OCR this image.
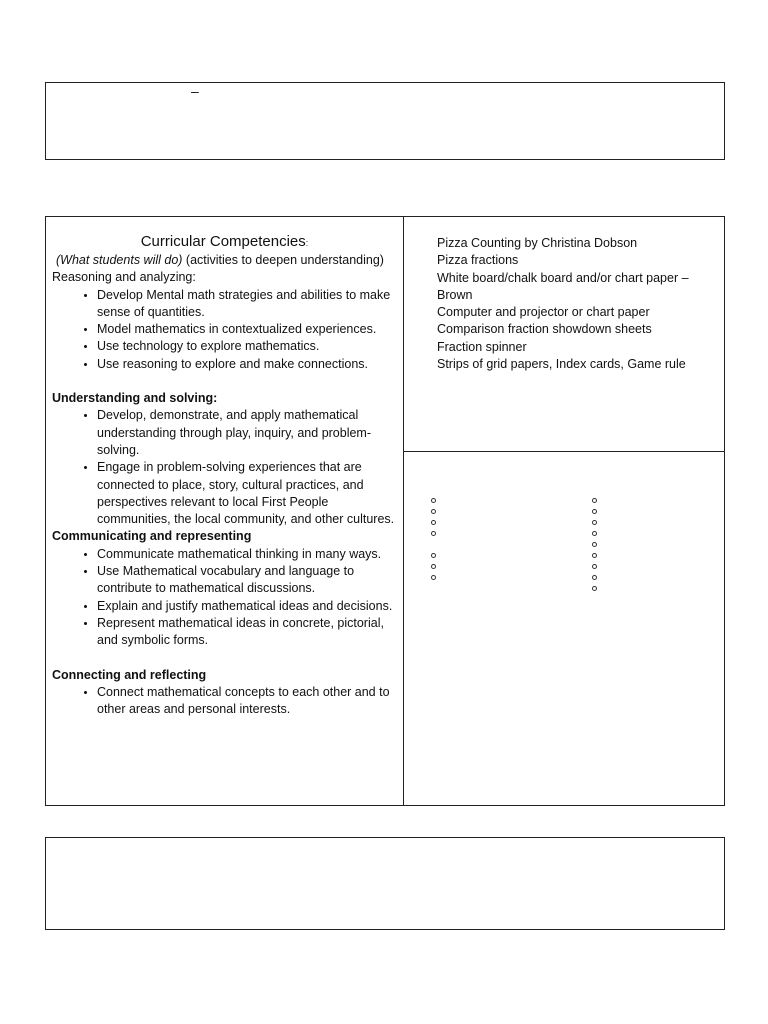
–
Curricular Competencies:
(What students will do) (activities to deepen understanding)
Reasoning and analyzing:
• Develop Mental math strategies and abilities to make sense of quantities.
• Model mathematics in contextualized experiences.
• Use technology to explore mathematics.
• Use reasoning to explore and make connections.
Understanding and solving:
• Develop, demonstrate, and apply mathematical understanding through play, inquiry, and problem-solving.
• Engage in problem-solving experiences that are connected to place, story, cultural practices, and perspectives relevant to local First People communities, the local community, and other cultures.
Communicating and representing
• Communicate mathematical thinking in many ways.
• Use Mathematical vocabulary and language to contribute to mathematical discussions.
• Explain and justify mathematical ideas and decisions.
• Represent mathematical ideas in concrete, pictorial, and symbolic forms.
Connecting and reflecting
• Connect mathematical concepts to each other and to other areas and personal interests.
Pizza Counting by Christina Dobson
Pizza fractions
White board/chalk board and/or chart paper – Brown
Computer and projector or chart paper
Comparison fraction showdown sheets
Fraction spinner
Strips of grid papers, Index cards, Game rule
